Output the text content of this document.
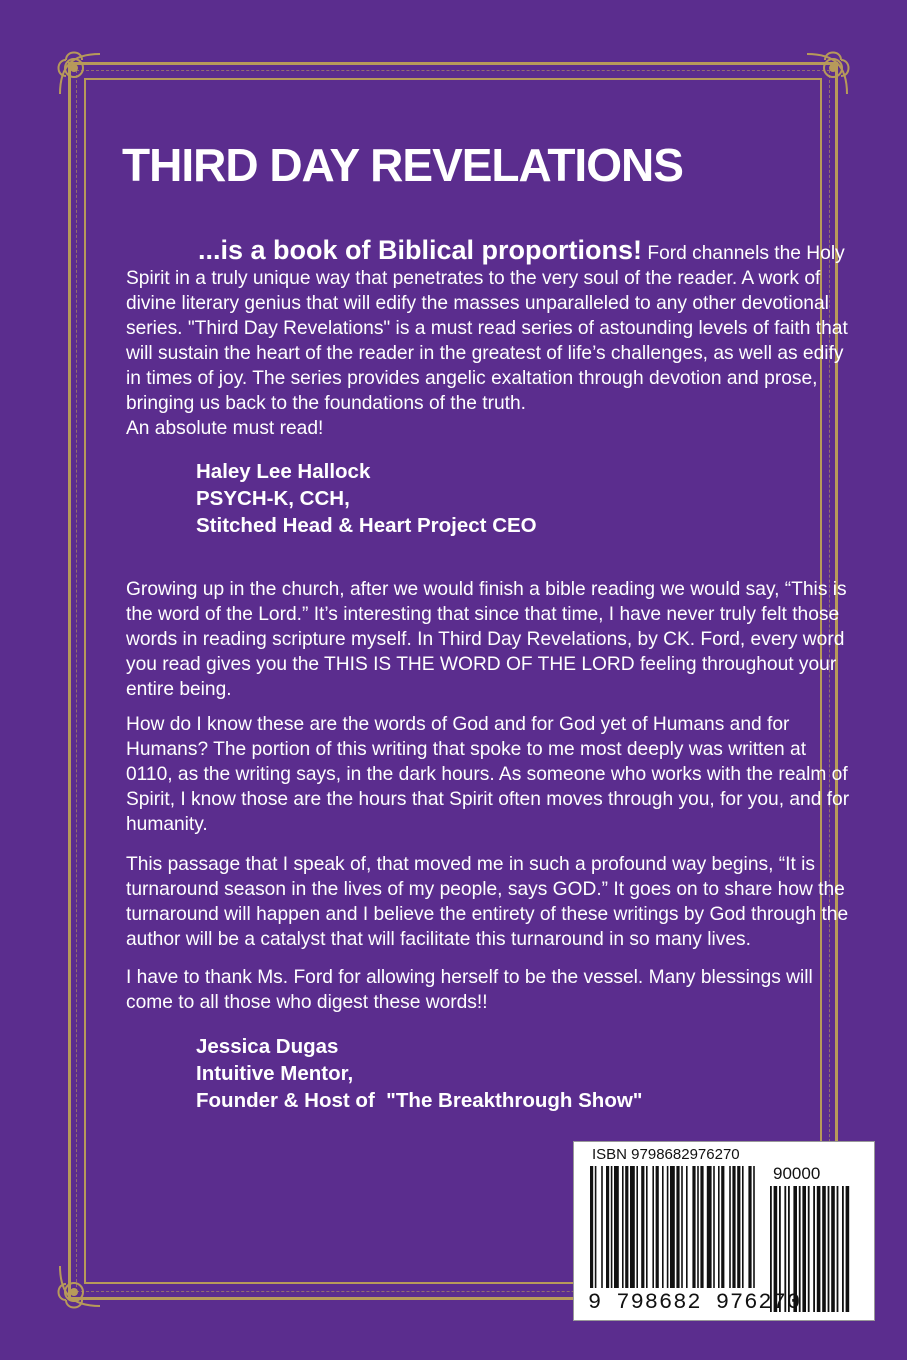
THIRD DAY REVELATIONS

...is a book of Biblical proportions! Ford channels the Holy Spirit in a truly unique way that penetrates to the very soul of the reader. A work of divine literary genius that will edify the masses unparalleled to any other devotional series. "Third Day Revelations" is a must read series of astounding levels of faith that will sustain the heart of the reader in the greatest of life’s challenges, as well as edify in times of joy. The series provides angelic exaltation through devotion and prose, bringing us back to the foundations of the truth.
An absolute must read!

Haley Lee Hallock
PSYCH-K, CCH,
Stitched Head & Heart Project CEO

Growing up in the church, after we would finish a bible reading we would say, “This is the word of the Lord.” It’s interesting that since that time, I have never truly felt those words in reading scripture myself. In Third Day Revelations, by CK. Ford, every word you read gives you the THIS IS THE WORD OF THE LORD feeling throughout your entire being.

How do I know these are the words of God and for God yet of Humans and for Humans? The portion of this writing that spoke to me most deeply was written at 0110, as the writing says, in the dark hours. As someone who works with the realm of Spirit, I know those are the hours that Spirit often moves through you, for you, and for humanity.

This passage that I speak of, that moved me in such a profound way begins, “It is turnaround season in the lives of my people, says GOD.” It goes on to share how the turnaround will happen and I believe the entirety of these writings by God through the author will be a catalyst that will facilitate this turnaround in so many lives.

I have to thank Ms. Ford for allowing herself to be the vessel. Many blessings will come to all those who digest these words!!

Jessica Dugas
Intuitive Mentor,
Founder & Host of  "The Breakthrough Show"
ISBN 9798682976270
90000
9 798682 976270
